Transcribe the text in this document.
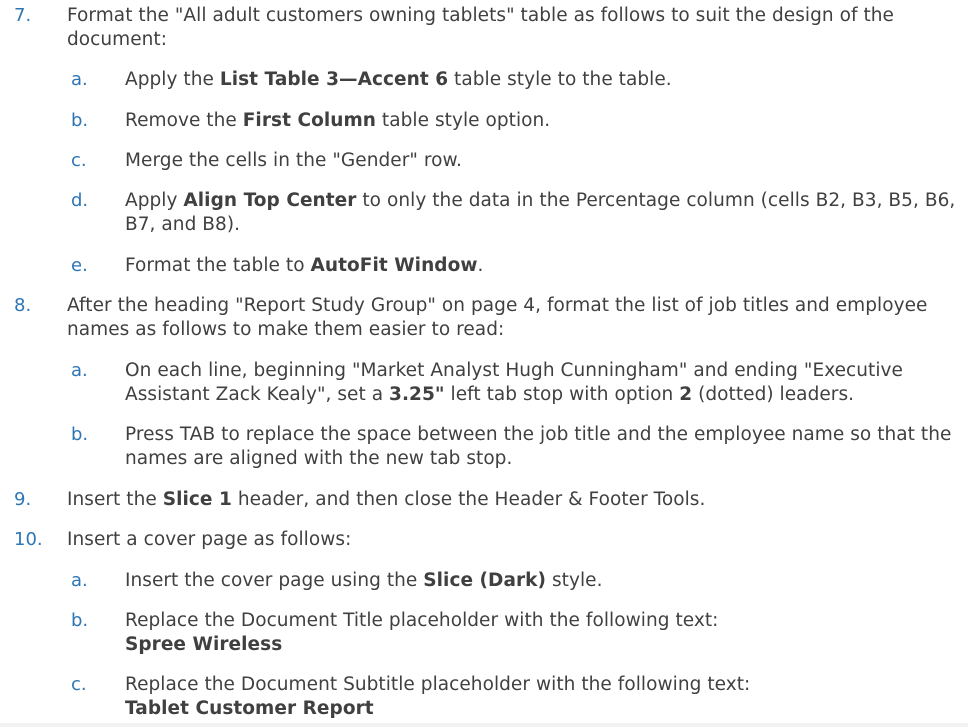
7. Format the "All adult customers owning tablets" table as follows to suit the design of the document:
a. Apply the List Table 3—Accent 6 table style to the table.
b. Remove the First Column table style option.
c. Merge the cells in the "Gender" row.
d. Apply Align Top Center to only the data in the Percentage column (cells B2, B3, B5, B6, B7, and B8).
e. Format the table to AutoFit Window.
8. After the heading "Report Study Group" on page 4, format the list of job titles and employee names as follows to make them easier to read:
a. On each line, beginning "Market Analyst Hugh Cunningham" and ending "Executive Assistant Zack Kealy", set a 3.25" left tab stop with option 2 (dotted) leaders.
b. Press TAB to replace the space between the job title and the employee name so that the names are aligned with the new tab stop.
9. Insert the Slice 1 header, and then close the Header & Footer Tools.
10. Insert a cover page as follows:
a. Insert the cover page using the Slice (Dark) style.
b. Replace the Document Title placeholder with the following text:
Spree Wireless
c. Replace the Document Subtitle placeholder with the following text:
Tablet Customer Report
